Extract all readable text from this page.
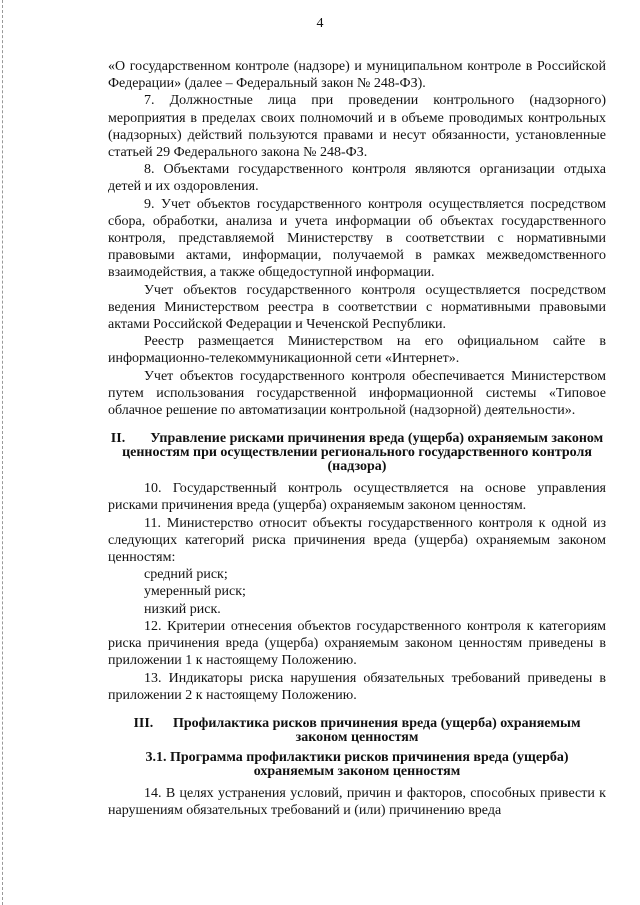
4

«О государственном контроле (надзоре) и муниципальном контроле в Российской Федерации» (далее – Федеральный закон № 248-ФЗ).

7. Должностные лица при проведении контрольного (надзорного) мероприятия в пределах своих полномочий и в объеме проводимых контрольных (надзорных) действий пользуются правами и несут обязанности, установленные статьей 29 Федерального закона № 248-ФЗ.

8. Объектами государственного контроля являются организации отдыха детей и их оздоровления.

9. Учет объектов государственного контроля осуществляется посредством сбора, обработки, анализа и учета информации об объектах государственного контроля, представляемой Министерству в соответствии с нормативными правовыми актами, информации, получаемой в рамках межведомственного взаимодействия, а также общедоступной информации.

Учет объектов государственного контроля осуществляется посредством ведения Министерством реестра в соответствии с нормативными правовыми актами Российской Федерации и Чеченской Республики.

Реестр размещается Министерством на его официальном сайте в информационно-телекоммуникационной сети «Интернет».

Учет объектов государственного контроля обеспечивается Министерством путем использования государственной информационной системы «Типовое облачное решение по автоматизации контрольной (надзорной) деятельности».

II. Управление рисками причинения вреда (ущерба) охраняемым законом ценностям при осуществлении регионального государственного контроля (надзора)

10. Государственный контроль осуществляется на основе управления рисками причинения вреда (ущерба) охраняемым законом ценностям.

11. Министерство относит объекты государственного контроля к одной из следующих категорий риска причинения вреда (ущерба) охраняемым законом ценностям:

средний риск;

умеренный риск;

низкий риск.

12. Критерии отнесения объектов государственного контроля к категориям риска причинения вреда (ущерба) охраняемым законом ценностям приведены в приложении 1 к настоящему Положению.

13. Индикаторы риска нарушения обязательных требований приведены в приложении 2 к настоящему Положению.

III. Профилактика рисков причинения вреда (ущерба) охраняемым законом ценностям
3.1. Программа профилактики рисков причинения вреда (ущерба) охраняемым законом ценностям

14. В целях устранения условий, причин и факторов, способных привести к нарушениям обязательных требований и (или) причинению вреда
